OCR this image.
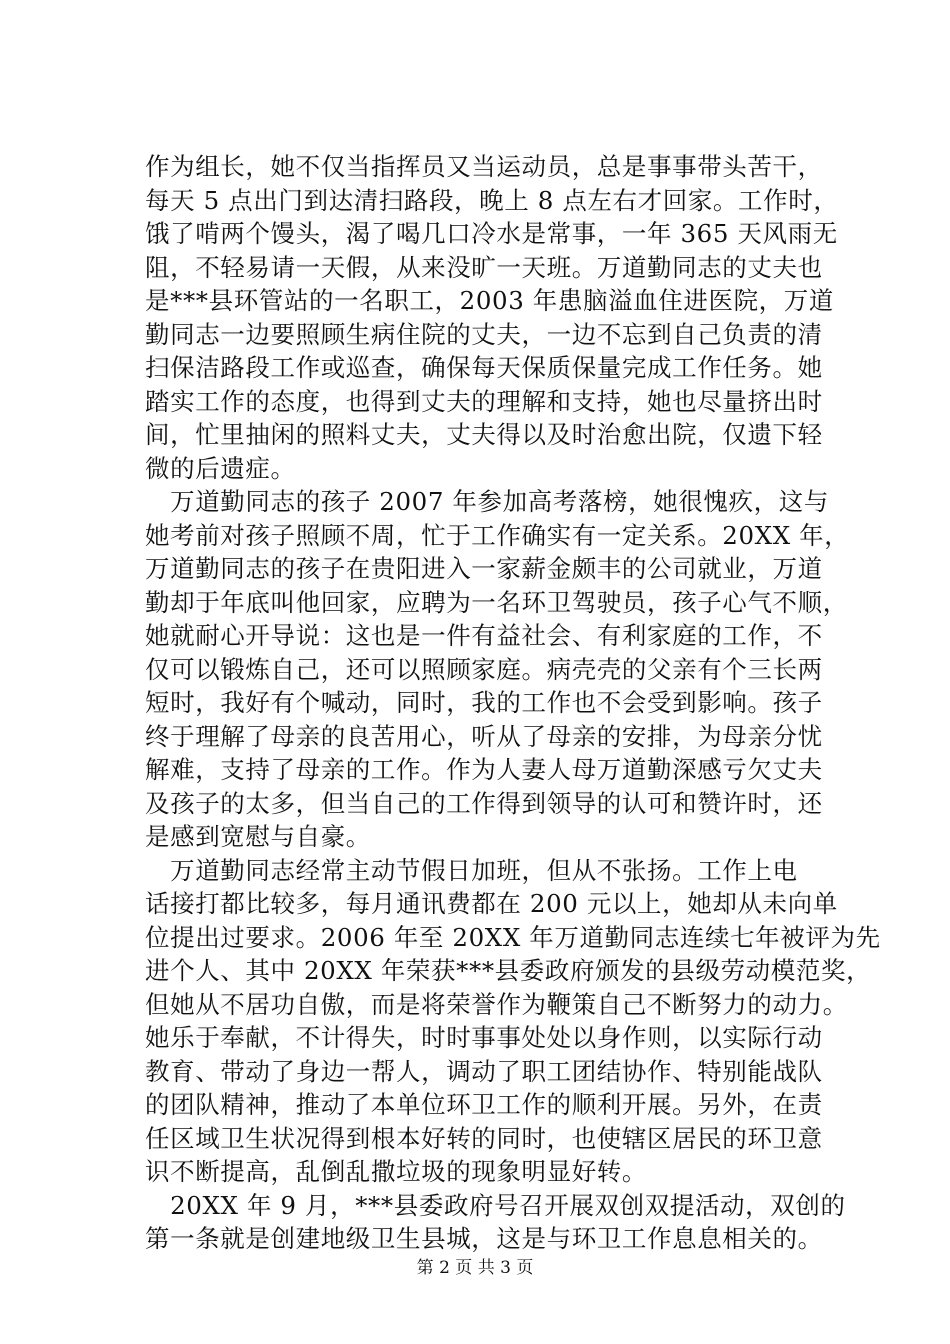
作为组长，她不仅当指挥员又当运动员，总是事事带头苦干，
每天 5 点出门到达清扫路段，晚上 8 点左右才回家。工作时，
饿了啃两个馒头，渴了喝几口冷水是常事，一年 365 天风雨无
阻，不轻易请一天假，从来没旷一天班。万道勤同志的丈夫也
是***县环管站的一名职工，2003 年患脑溢血住进医院，万道
勤同志一边要照顾生病住院的丈夫，一边不忘到自己负责的清
扫保洁路段工作或巡查，确保每天保质保量完成工作任务。她
踏实工作的态度，也得到丈夫的理解和支持，她也尽量挤出时
间，忙里抽闲的照料丈夫，丈夫得以及时治愈出院，仅遗下轻
微的后遗症。
　万道勤同志的孩子 2007 年参加高考落榜，她很愧疚，这与
她考前对孩子照顾不周，忙于工作确实有一定关系。20XX 年，
万道勤同志的孩子在贵阳进入一家薪金颇丰的公司就业，万道
勤却于年底叫他回家，应聘为一名环卫驾驶员，孩子心气不顺，
她就耐心开导说：这也是一件有益社会、有利家庭的工作，不
仅可以锻炼自己，还可以照顾家庭。病壳壳的父亲有个三长两
短时，我好有个喊动，同时，我的工作也不会受到影响。孩子
终于理解了母亲的良苦用心，听从了母亲的安排，为母亲分忧
解难，支持了母亲的工作。作为人妻人母万道勤深感亏欠丈夫
及孩子的太多，但当自己的工作得到领导的认可和赞许时，还
是感到宽慰与自豪。
　万道勤同志经常主动节假日加班，但从不张扬。工作上电
话接打都比较多，每月通讯费都在 200 元以上，她却从未向单
位提出过要求。2006 年至 20XX 年万道勤同志连续七年被评为先
进个人、其中 20XX 年荣获***县委政府颁发的县级劳动模范奖，
但她从不居功自傲，而是将荣誉作为鞭策自己不断努力的动力。
她乐于奉献，不计得失，时时事事处处以身作则，以实际行动
教育、带动了身边一帮人，调动了职工团结协作、特别能战队
的团队精神，推动了本单位环卫工作的顺利开展。另外，在责
任区域卫生状况得到根本好转的同时，也使辖区居民的环卫意
识不断提高，乱倒乱撒垃圾的现象明显好转。
　20XX 年 9 月，***县委政府号召开展双创双提活动，双创的
第一条就是创建地级卫生县城，这是与环卫工作息息相关的。
第 2 页 共 3 页
